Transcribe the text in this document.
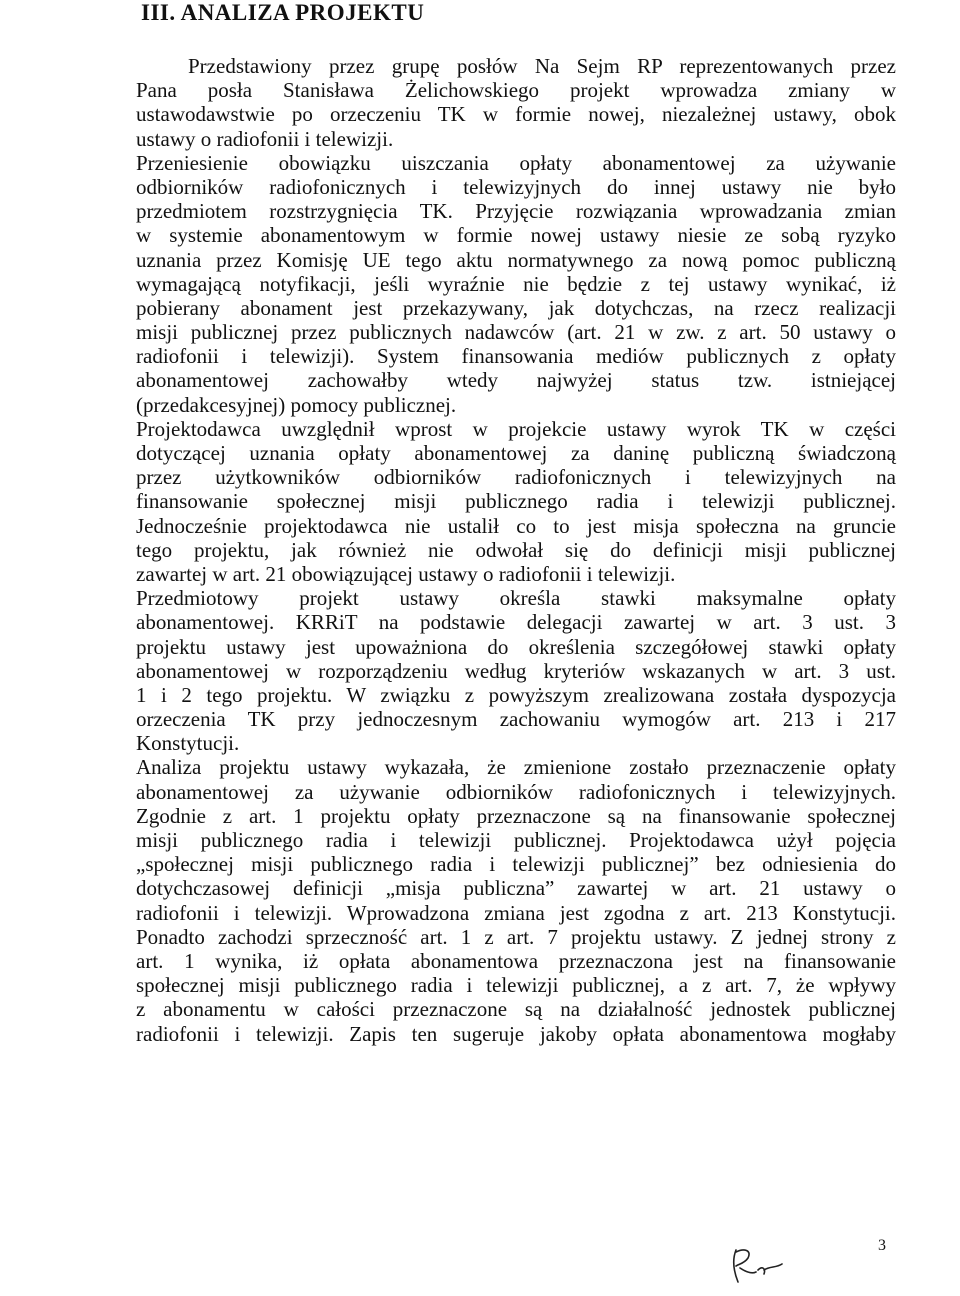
III. ANALIZA PROJEKTU
Przedstawiony przez grupę posłów Na Sejm RP reprezentowanych przez
Pana posła Stanisława Żelichowskiego projekt wprowadza zmiany w
ustawodawstwie po orzeczeniu TK w formie nowej, niezależnej ustawy, obok
ustawy o radiofonii i telewizji.
Przeniesienie obowiązku uiszczania opłaty abonamentowej za używanie
odbiorników radiofonicznych i telewizyjnych do innej ustawy nie było
przedmiotem rozstrzygnięcia TK. Przyjęcie rozwiązania wprowadzania zmian
w systemie abonamentowym w formie nowej ustawy niesie ze sobą ryzyko
uznania przez Komisję UE tego aktu normatywnego za nową pomoc publiczną
wymagającą notyfikacji, jeśli wyraźnie nie będzie z tej ustawy wynikać, iż
pobierany abonament jest przekazywany, jak dotychczas, na rzecz realizacji
misji publicznej przez publicznych nadawców (art. 21 w zw. z art. 50 ustawy o
radiofonii i telewizji). System finansowania mediów publicznych z opłaty
abonamentowej zachowałby wtedy najwyżej status tzw. istniejącej
(przedakcesyjnej) pomocy publicznej.
Projektodawca uwzględnił wprost w projekcie ustawy wyrok TK w części
dotyczącej uznania opłaty abonamentowej za daninę publiczną świadczoną
przez użytkowników odbiorników radiofonicznych i telewizyjnych na
finansowanie społecznej misji publicznego radia i telewizji publicznej.
Jednocześnie projektodawca nie ustalił co to jest misja społeczna na gruncie
tego projektu, jak również nie odwołał się do definicji misji publicznej
zawartej w art. 21 obowiązującej ustawy o radiofonii i telewizji.
Przedmiotowy projekt ustawy określa stawki maksymalne opłaty
abonamentowej. KRRiT na podstawie delegacji zawartej w art. 3 ust. 3
projektu ustawy jest upoważniona do określenia szczegółowej stawki opłaty
abonamentowej w rozporządzeniu według kryteriów wskazanych w art. 3 ust.
1 i 2 tego projektu. W związku z powyższym zrealizowana została dyspozycja
orzeczenia TK przy jednoczesnym zachowaniu wymogów art. 213 i 217
Konstytucji.
Analiza projektu ustawy wykazała, że zmienione zostało przeznaczenie opłaty
abonamentowej za używanie odbiorników radiofonicznych i telewizyjnych.
Zgodnie z art. 1 projektu opłaty przeznaczone są na finansowanie społecznej
misji publicznego radia i telewizji publicznej. Projektodawca użył pojęcia
„społecznej misji publicznego radia i telewizji publicznej” bez odniesienia do
dotychczasowej definicji „misja publiczna” zawartej w art. 21 ustawy o
radiofonii i telewizji. Wprowadzona zmiana jest zgodna z art. 213 Konstytucji.
Ponadto zachodzi sprzeczność art. 1 z art. 7 projektu ustawy. Z jednej strony z
art. 1 wynika, iż opłata abonamentowa przeznaczona jest na finansowanie
społecznej misji publicznego radia i telewizji publicznej, a z art. 7, że wpływy
z abonamentu w całości przeznaczone są na działalność jednostek publicznej
radiofonii i telewizji. Zapis ten sugeruje jakoby opłata abonamentowa mogłaby
3
